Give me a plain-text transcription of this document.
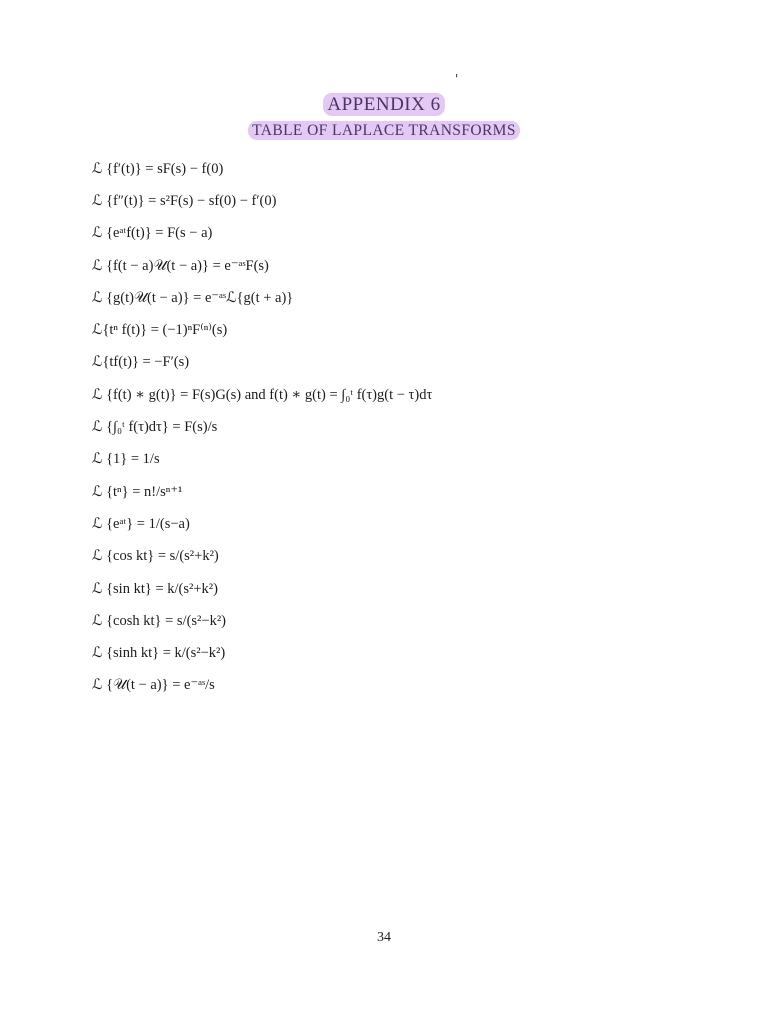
'
APPENDIX 6
TABLE OF LAPLACE TRANSFORMS
ℒ {f′(t)} = sF(s) − f(0)
ℒ {f″(t)} = s²F(s) − sf(0) − f′(0)
ℒ {eᵃᵗf(t)} = F(s − a)
ℒ {f(t − a)𝒰(t − a)} = e⁻ᵃˢF(s)
ℒ {g(t)𝒰(t − a)} = e⁻ᵃˢℒ{g(t + a)}
ℒ{tⁿ f(t)} = (−1)ⁿF⁽ⁿ⁾(s)
ℒ{tf(t)} = −F′(s)
ℒ {f(t) ∗ g(t)} = F(s)G(s) and f(t) ∗ g(t) = ∫₀ᵗ f(τ)g(t − τ)dτ
ℒ {∫₀ᵗ f(τ)dτ} = F(s)/s
ℒ {1} = 1/s
ℒ {tⁿ} = n!/sⁿ⁺¹
ℒ {eᵃᵗ} = 1/(s−a)
ℒ {cos kt} = s/(s²+k²)
ℒ {sin kt} = k/(s²+k²)
ℒ {cosh kt} = s/(s²−k²)
ℒ {sinh kt} = k/(s²−k²)
ℒ {𝒰(t − a)} = e⁻ᵃˢ/s
34
